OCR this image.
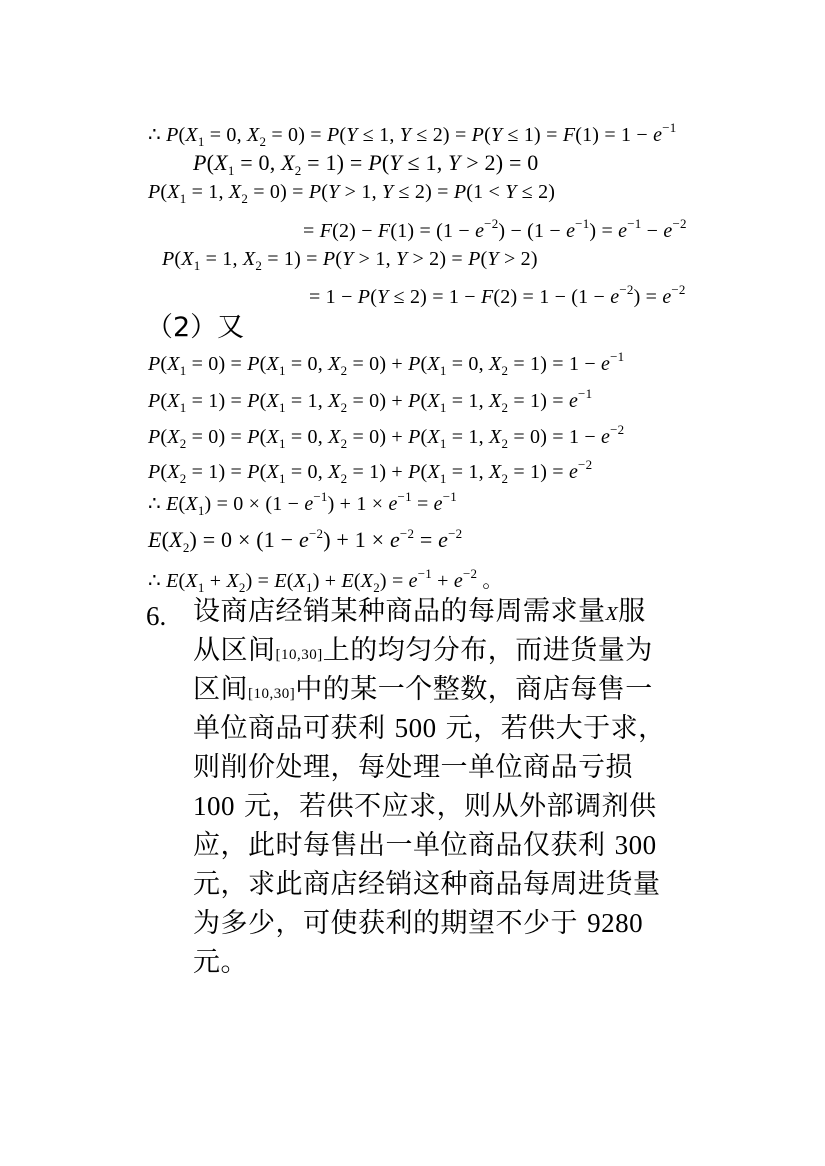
∴ $P(X_1 = 0$, $X_2 = 0) = P(Y \le 1$, $Y \le 2) = P(Y \le 1) = F(1) = 1 - e^{-1}$
$P(X_1 = 0$, $X_2 = 1) = P(Y \le 1$, Y > 2) = 0
$P(X_1 = 1$, $X_2 = 0) = P(Y > 1$, Y ≤ 2) = P(1 < Y ≤ 2)
= $F(2) - F(1) = (1 - e^{-2}) - (1 - e^{-1}) = e^{-1} - e^{-2}$
$P(X_1 = 1$, $X_2 = 1) = P(Y > 1$, Y > 2) = P(Y > 2)
= $1 - P(Y \le 2) = 1 - F(2) = 1 - (1 - e^{-2}) = e^{-2}$
（2）又
$P(X_1 = 0) = P(X_1 = 0$, $X_2 = 0) + P(X_1 = 0$, $X_2 = 1) = 1 - e^{-1}$
$P(X_1 = 1) = P(X_1 = 1$, $X_2 = 0) + P(X_1 = 1$, $X_2 = 1) = e^{-1}$
$P(X_2 = 0) = P(X_1 = 0$, $X_2 = 0) + P(X_1 = 1$, $X_2 = 0) = 1 - e^{-2}$
$P(X_2 = 1) = P(X_1 = 0$, $X_2 = 1) + P(X_1 = 1$, $X_2 = 1) = e^{-2}$
∴ $E(X_1) = 0 \times (1 - e^{-1}) + 1 \times e^{-1} = e^{-1}$
$E(X_2) = 0 \times (1 - e^{-2}) + 1 \times e^{-2} = e^{-2}$
∴ $E(X_1 + X_2) = E(X_1) + E(X_2) = e^{-1} + e^{-2}$ 。
6. 设商店经销某种商品的每周需求量X服
从区间[10,30]上的均匀分布，而进货量为
区间[10,30]中的某一个整数，商店每售一
单位商品可获利 500 元，若供大于求，
则削价处理，每处理一单位商品亏损
100 元，若供不应求，则从外部调剂供
应，此时每售出一单位商品仅获利 300
元，求此商店经销这种商品每周进货量
为多少，可使获利的期望不少于 9280
元。
